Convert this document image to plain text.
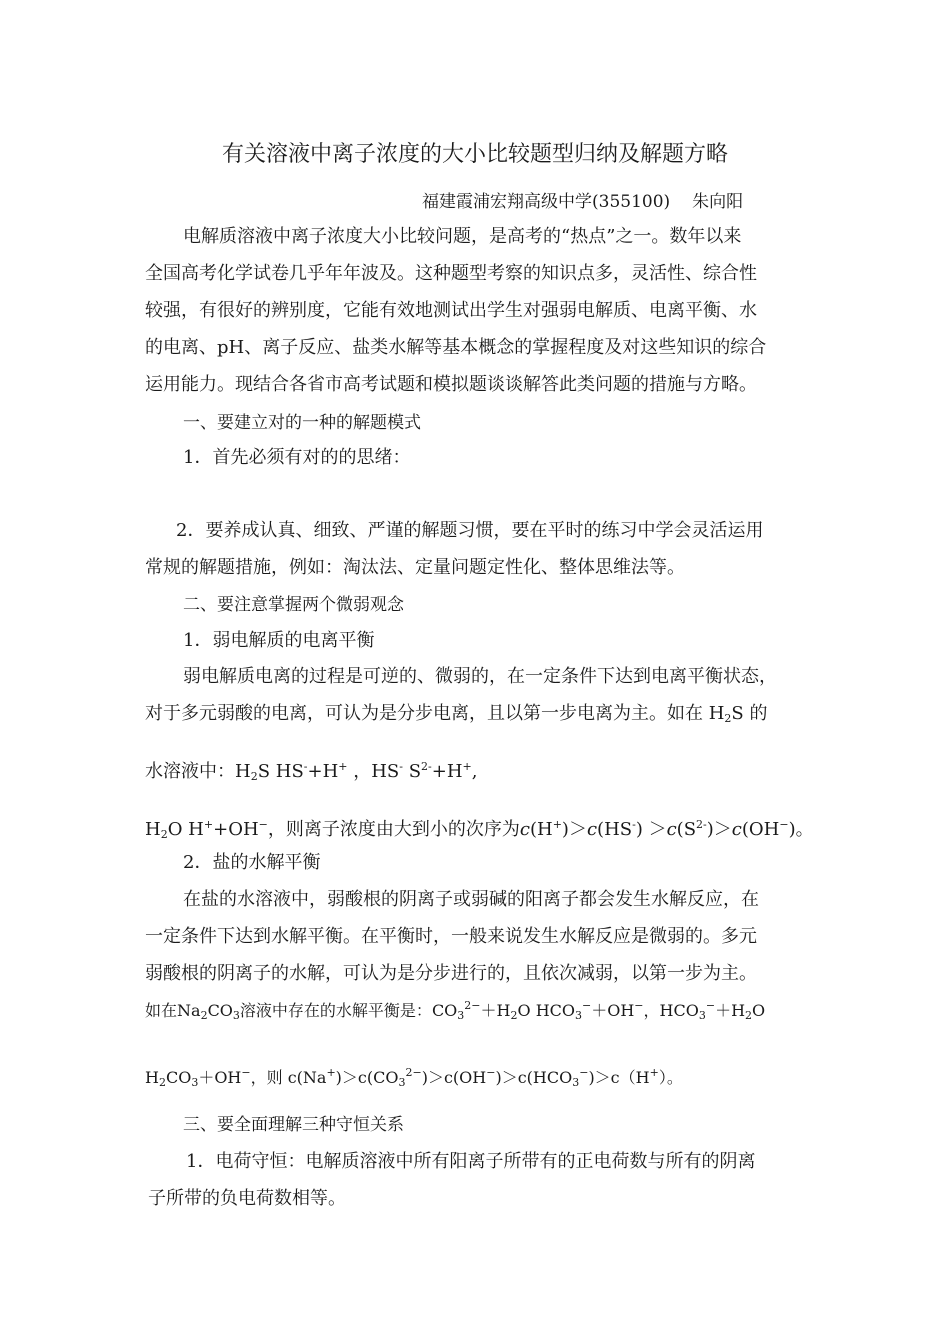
有关溶液中离子浓度的大小比较题型归纳及解题方略
福建霞浦宏翔高级中学(355100) 朱向阳
电解质溶液中离子浓度大小比较问题，是高考的“热点”之一。数年以来
全国高考化学试卷几乎年年波及。这种题型考察的知识点多，灵活性、综合性
较强，有很好的辨别度，它能有效地测试出学生对强弱电解质、电离平衡、水
的电离、pH、离子反应、盐类水解等基本概念的掌握程度及对这些知识的综合
运用能力。现结合各省市高考试题和模拟题谈谈解答此类问题的措施与方略。
一、要建立对的一种的解题模式
1．首先必须有对的的思绪：
2．要养成认真、细致、严谨的解题习惯，要在平时的练习中学会灵活运用
常规的解题措施，例如：淘汰法、定量问题定性化、整体思维法等。
二、要注意掌握两个微弱观念
1．弱电解质的电离平衡
弱电解质电离的过程是可逆的、微弱的，在一定条件下达到电离平衡状态，
对于多元弱酸的电离，可认为是分步电离，且以第一步电离为主。如在 $H_2S$ 的
水溶液中：$H_2S$ HS-+H+ ，HS- $S^{2-}+H^+$,
$H_2O$ H++OH−，则离子浓度由大到小的次序为$c(H^+)>c(HS^-) >c(S^{2-})>c(OH^-)$。
2．盐的水解平衡
在盐的水溶液中，弱酸根的阴离子或弱碱的阳离子都会发生水解反应，在
一定条件下达到水解平衡。在平衡时，一般来说发生水解反应是微弱的。多元
弱酸根的阴离子的水解，可认为是分步进行的，且依次减弱，以第一步为主。
如在$Na_2CO_3$溶液中存在的水解平衡是：$CO_3^{2-}+H_2O$ $HCO_3^-+OH^-$，$HCO_3^-+H_2O$
$H_2CO_3+OH^-$，则 $c(Na^+)>c(CO_3^{2-})>c(OH^-)>c(HCO_3^-)>c(H^+)$。
三、要全面理解三种守恒关系
1．电荷守恒：电解质溶液中所有阳离子所带有的正电荷数与所有的阴离
子所带的负电荷数相等。
